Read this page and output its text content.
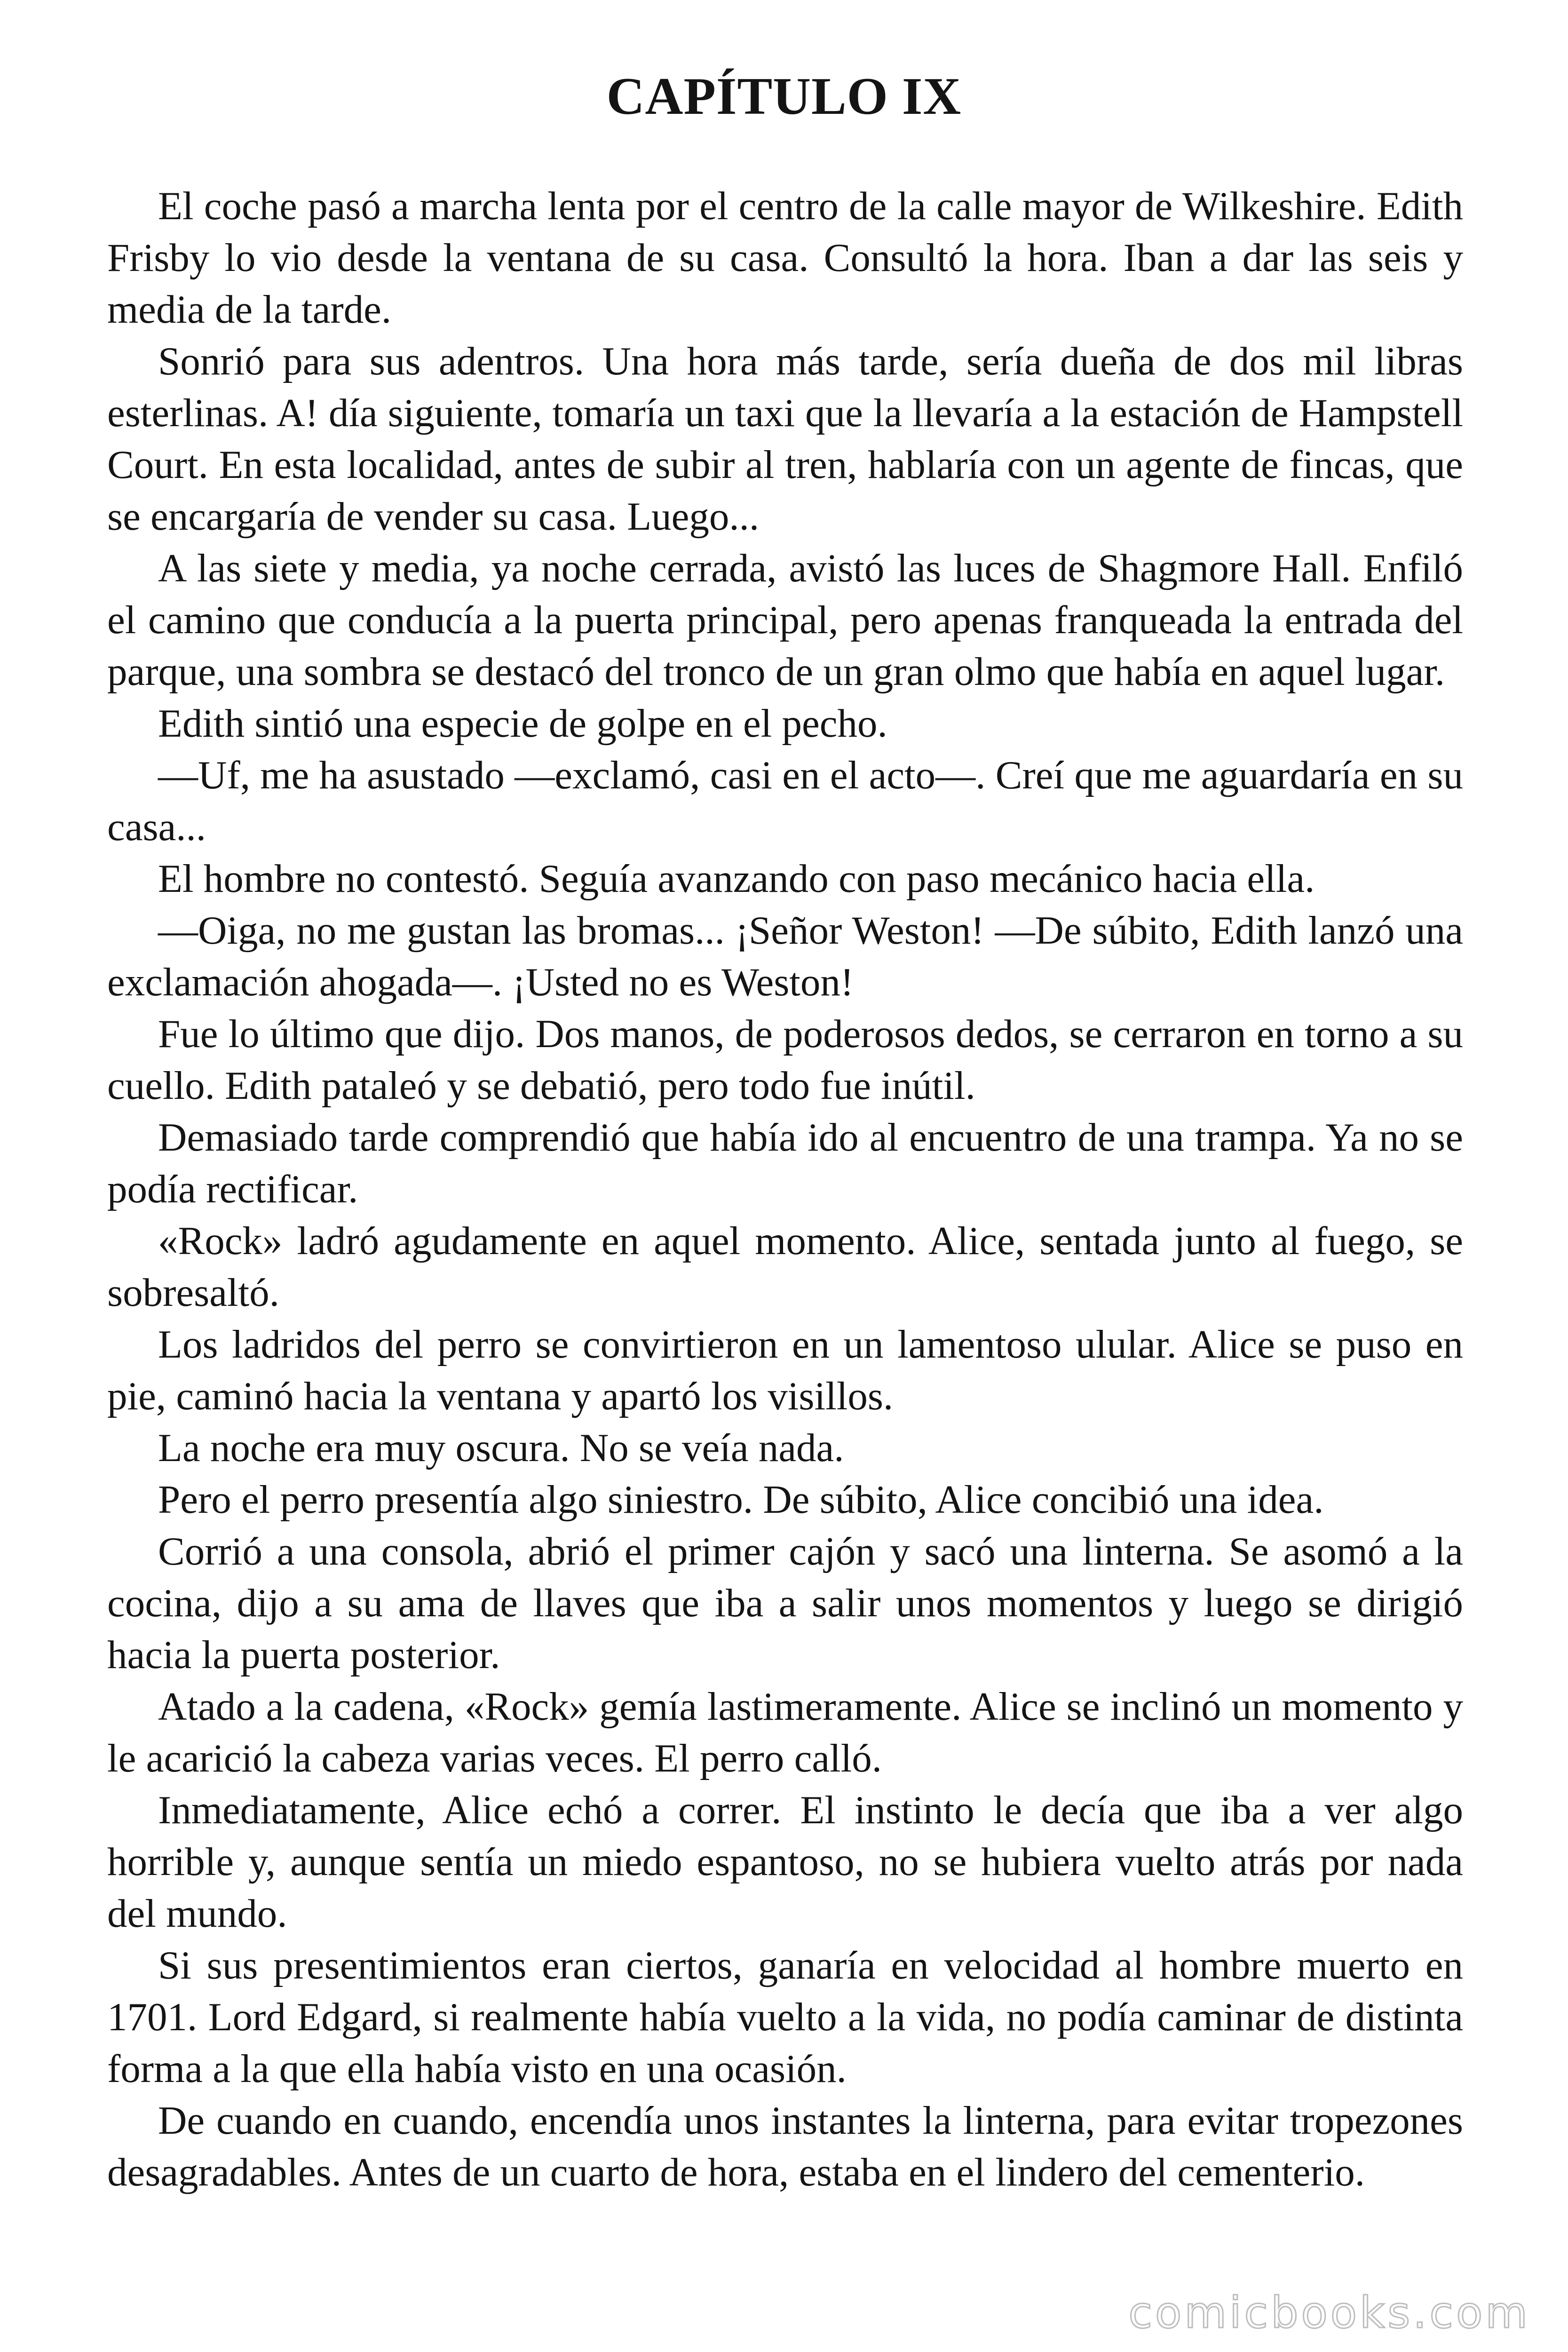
CAPÍTULO IX

El coche pasó a marcha lenta por el centro de la calle mayor de Wilkeshire. Edith Frisby lo vio desde la ventana de su casa. Consultó la hora. Iban a dar las seis y media de la tarde.

Sonrió para sus adentros. Una hora más tarde, sería dueña de dos mil libras esterlinas. A! día siguiente, tomaría un taxi que la llevaría a la estación de Hampstell Court. En esta localidad, antes de subir al tren, hablaría con un agente de fincas, que se encargaría de vender su casa. Luego...

A las siete y media, ya noche cerrada, avistó las luces de Shagmore Hall. Enfiló el camino que conducía a la puerta principal, pero apenas franqueada la entrada del parque, una sombra se destacó del tronco de un gran olmo que había en aquel lugar.

Edith sintió una especie de golpe en el pecho.

—Uf, me ha asustado —exclamó, casi en el acto—. Creí que me aguardaría en su casa...

El hombre no contestó. Seguía avanzando con paso mecánico hacia ella.

—Oiga, no me gustan las bromas... ¡Señor Weston! —De súbito, Edith lanzó una exclamación ahogada—. ¡Usted no es Weston!

Fue lo último que dijo. Dos manos, de poderosos dedos, se cerraron en torno a su cuello. Edith pataleó y se debatió, pero todo fue inútil.

Demasiado tarde comprendió que había ido al encuentro de una trampa. Ya no se podía rectificar.

«Rock» ladró agudamente en aquel momento. Alice, sentada junto al fuego, se sobresaltó.

Los ladridos del perro se convirtieron en un lamentoso ulular. Alice se puso en pie, caminó hacia la ventana y apartó los visillos.

La noche era muy oscura. No se veía nada.

Pero el perro presentía algo siniestro. De súbito, Alice concibió una idea.

Corrió a una consola, abrió el primer cajón y sacó una linterna. Se asomó a la cocina, dijo a su ama de llaves que iba a salir unos momentos y luego se dirigió hacia la puerta posterior.

Atado a la cadena, «Rock» gemía lastimeramente. Alice se inclinó un momento y le acarició la cabeza varias veces. El perro calló.

Inmediatamente, Alice echó a correr. El instinto le decía que iba a ver algo horrible y, aunque sentía un miedo espantoso, no se hubiera vuelto atrás por nada del mundo.

Si sus presentimientos eran ciertos, ganaría en velocidad al hombre muerto en 1701. Lord Edgard, si realmente había vuelto a la vida, no podía caminar de distinta forma a la que ella había visto en una ocasión.

De cuando en cuando, encendía unos instantes la linterna, para evitar tropezones desagradables. Antes de un cuarto de hora, estaba en el lindero del cementerio.

comicbooks.com
